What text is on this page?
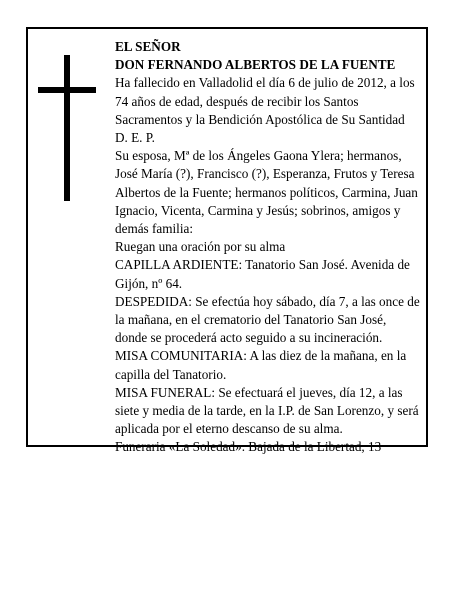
EL SEÑOR

DON FERNANDO ALBERTOS DE LA FUENTE

Ha fallecido en Valladolid el día 6 de julio de 2012, a los 74 años de edad, después de recibir los Santos Sacramentos y la Bendición Apostólica de Su Santidad

D. E. P.

Su esposa, Mª de los Ángeles Gaona Ylera; hermanos, José María (?), Francisco (?), Esperanza, Frutos y Teresa Albertos de la Fuente; hermanos políticos, Carmina, Juan Ignacio, Vicenta, Carmina y Jesús; sobrinos, amigos y demás familia:

Ruegan una oración por su alma

CAPILLA ARDIENTE: Tanatorio San José. Avenida de Gijón, nº 64.

DESPEDIDA: Se efectúa hoy sábado, día 7, a las once de la mañana, en el crematorio del Tanatorio San José, donde se procederá acto seguido a su incineración.

MISA COMUNITARIA: A las diez de la mañana, en la capilla del Tanatorio.

MISA FUNERAL: Se efectuará el jueves, día 12, a las siete y media de la tarde, en la I.P. de San Lorenzo, y será aplicada por el eterno descanso de su alma.

Funeraria «La Soledad». Bajada de la Libertad, 13
